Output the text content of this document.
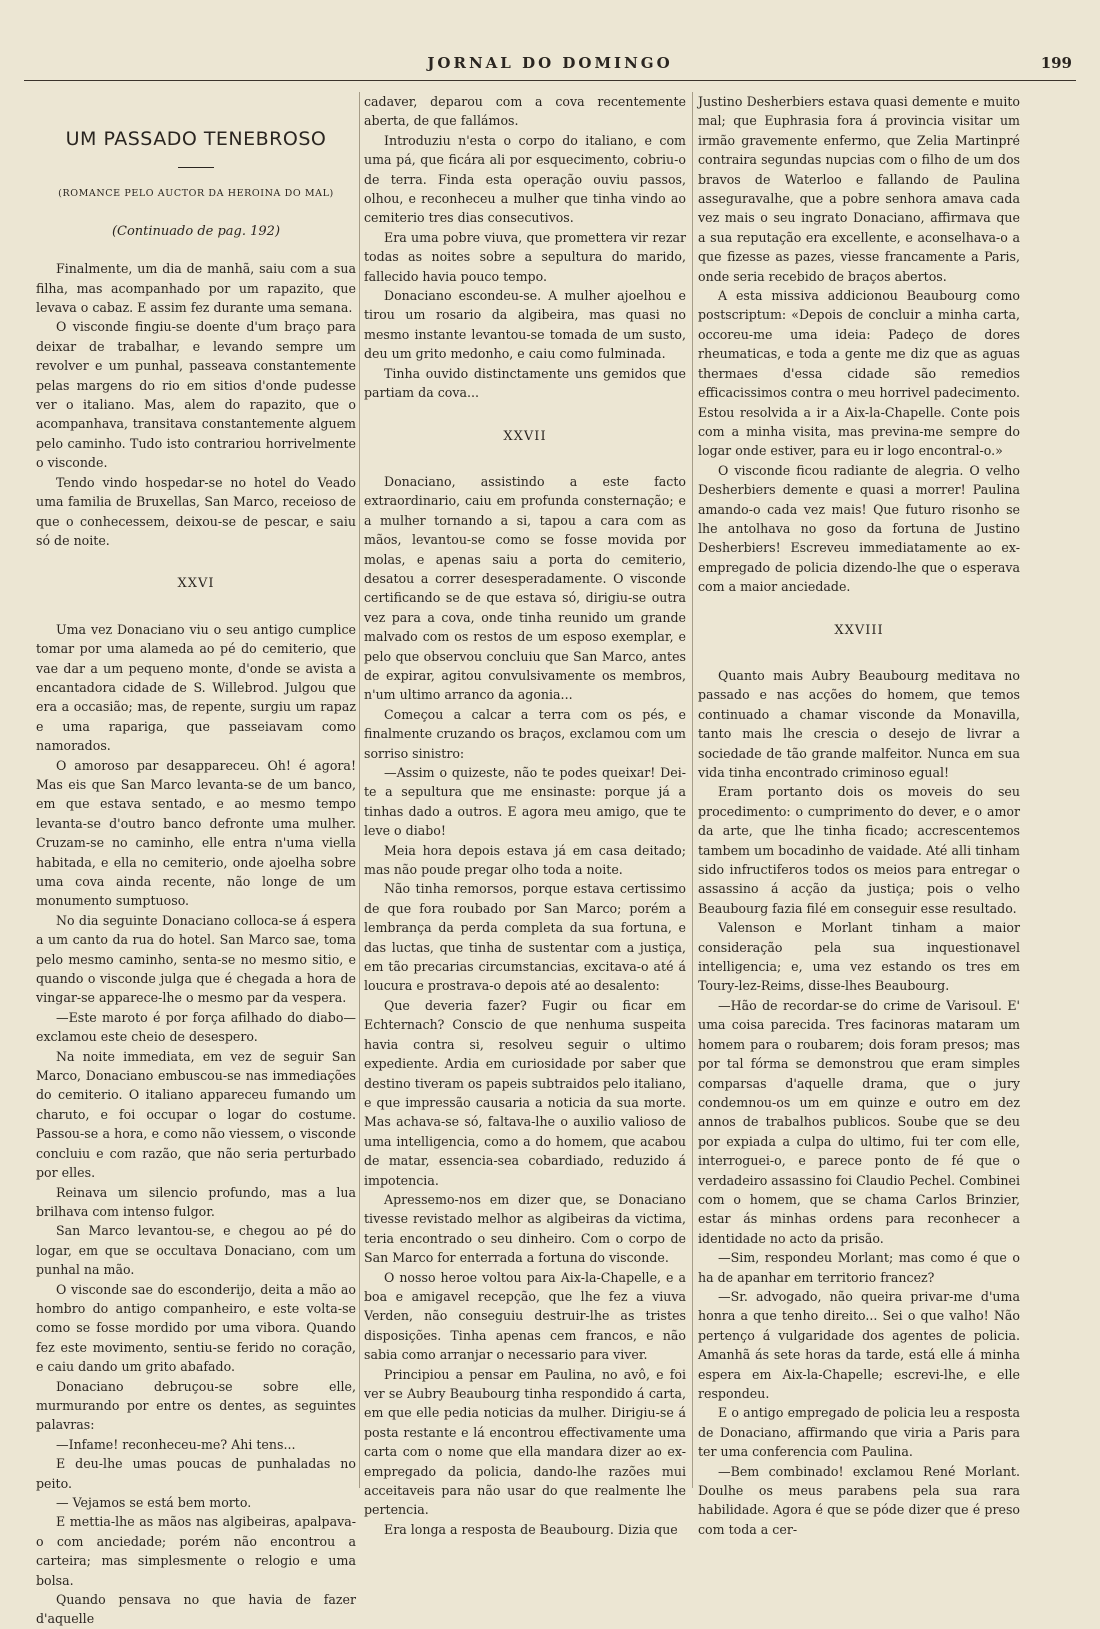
JORNAL DO DOMINGO	199
UM PASSADO TENEBROSO
(ROMANCE PELO AUCTOR DA HEROINA DO MAL)
(Continuado de pag. 192)

Finalmente, um dia de manhã, saiu com a sua filha, mas acompanhado por um rapazito, que levava o cabaz. E assim fez durante uma semana.

O visconde fingiu-se doente d'um braço para deixar de trabalhar, e levando sempre um revolver e um punhal, passeava constantemente pelas margens do rio em sitios d'onde pudesse ver o italiano. Mas, alem do rapazito, que o acompanhava, transitava constantemente alguem pelo caminho. Tudo isto contrariou horrivelmente o visconde.

Tendo vindo hospedar-se no hotel do Veado uma familia de Bruxellas, San Marco, receioso de que o conhecessem, deixou-se de pescar, e saiu só de noite.

XXVI

Uma vez Donaciano viu o seu antigo cumplice tomar por uma alameda ao pé do cemiterio, que vae dar a um pequeno monte, d'onde se avista a encantadora cidade de S. Willebrod. Julgou que era a occasião; mas, de repente, surgiu um rapaz e uma rapariga, que passeiavam como namorados.

O amoroso par desappareceu. Oh! é agora! Mas eis que San Marco levanta-se de um banco, em que estava sentado, e ao mesmo tempo levanta-se d'outro banco defronte uma mulher. Cruzam-se no caminho, elle entra n'uma viella habitada, e ella no cemiterio, onde ajoelha sobre uma cova ainda recente, não longe de um monumento sumptuoso.

No dia seguinte Donaciano colloca-se á espera a um canto da rua do hotel. San Marco sae, toma pelo mesmo caminho, senta-se no mesmo sitio, e quando o visconde julga que é chegada a hora de vingar-se apparece-lhe o mesmo par da vespera.

—Este maroto é por força afilhado do diabo—exclamou este cheio de desespero.

Na noite immediata, em vez de seguir San Marco, Donaciano embuscou-se nas immediações do cemiterio. O italiano appareceu fumando um charuto, e foi occupar o logar do costume. Passou-se a hora, e como não viessem, o visconde concluiu e com razão, que não seria perturbado por elles.

Reinava um silencio profundo, mas a lua brilhava com intenso fulgor.

San Marco levantou-se, e chegou ao pé do logar, em que se occultava Donaciano, com um punhal na mão.

O visconde sae do esconderijo, deita a mão ao hombro do antigo companheiro, e este volta-se como se fosse mordido por uma vibora. Quando fez este movimento, sentiu-se ferido no coração, e caiu dando um grito abafado.

Donaciano debruçou-se sobre elle, murmurando por entre os dentes, as seguintes palavras:

—Infame! reconheceu-me? Ahi tens...

E deu-lhe umas poucas de punhaladas no peito.

— Vejamos se está bem morto.

E mettia-lhe as mãos nas algibeiras, apalpava-o com anciedade; porém não encontrou a carteira; mas simplesmente o relogio e uma bolsa.

Quando pensava no que havia de fazer d'aquelle

cadaver, deparou com a cova recentemente aberta, de que fallámos.

Introduziu n'esta o corpo do italiano, e com uma pá, que ficára ali por esquecimento, cobriu-o de terra. Finda esta operação ouviu passos, olhou, e reconheceu a mulher que tinha vindo ao cemiterio tres dias consecutivos.

Era uma pobre viuva, que promettera vir rezar todas as noites sobre a sepultura do marido, fallecido havia pouco tempo.

Donaciano escondeu-se. A mulher ajoelhou e tirou um rosario da algibeira, mas quasi no mesmo instante levantou-se tomada de um susto, deu um grito medonho, e caiu como fulminada.

Tinha ouvido distinctamente uns gemidos que partiam da cova...

XXVII

Donaciano, assistindo a este facto extraordinario, caiu em profunda consternação; e a mulher tornando a si, tapou a cara com as mãos, levantou-se como se fosse movida por molas, e apenas saiu a porta do cemiterio, desatou a correr desesperadamente. O visconde certificando se de que estava só, dirigiu-se outra vez para a cova, onde tinha reunido um grande malvado com os restos de um esposo exemplar, e pelo que observou concluiu que San Marco, antes de expirar, agitou convulsivamente os membros, n'um ultimo arranco da agonia...

Começou a calcar a terra com os pés, e finalmente cruzando os braços, exclamou com um sorriso sinistro:

—Assim o quizeste, não te podes queixar! Dei-te a sepultura que me ensinaste: porque já a tinhas dado a outros. E agora meu amigo, que te leve o diabo!

Meia hora depois estava já em casa deitado; mas não poude pregar olho toda a noite.

Não tinha remorsos, porque estava certissimo de que fora roubado por San Marco; porém a lembrança da perda completa da sua fortuna, e das luctas, que tinha de sustentar com a justiça, em tão precarias circumstancias, excitava-o até á loucura e prostrava-o depois até ao desalento:

Que deveria fazer? Fugir ou ficar em Echternach? Conscio de que nenhuma suspeita havia contra si, resolveu seguir o ultimo expediente. Ardia em curiosidade por saber que destino tiveram os papeis subtraidos pelo italiano, e que impressão causaria a noticia da sua morte. Mas achava-se só, faltava-lhe o auxilio valioso de uma intelligencia, como a do homem, que acabou de matar, essencia-sea cobardiado, reduzido á impotencia.

Apressemo-nos em dizer que, se Donaciano tivesse revistado melhor as algibeiras da victima, teria encontrado o seu dinheiro. Com o corpo de San Marco for enterrada a fortuna do visconde.

O nosso heroe voltou para Aix-la-Chapelle, e a boa e amigavel recepção, que lhe fez a viuva Verden, não conseguiu destruir-lhe as tristes disposições. Tinha apenas cem francos, e não sabia como arranjar o necessario para viver.

Principiou a pensar em Paulina, no avô, e foi ver se Aubry Beaubourg tinha respondido á carta, em que elle pedia noticias da mulher. Dirigiu-se á posta restante e lá encontrou effectivamente uma carta com o nome que ella mandara dizer ao ex-empregado da policia, dando-lhe razões mui acceitaveis para não usar do que realmente lhe pertencia.

Era longa a resposta de Beaubourg. Dizia que

Justino Desherbiers estava quasi demente e muito mal; que Euphrasia fora á provincia visitar um irmão gravemente enfermo, que Zelia Martinpré contraira segundas nupcias com o filho de um dos bravos de Waterloo e fallando de Paulina asseguravalhe, que a pobre senhora amava cada vez mais o seu ingrato Donaciano, affirmava que a sua reputação era excellente, e aconselhava-o a que fizesse as pazes, viesse francamente a Paris, onde seria recebido de braços abertos.

A esta missiva addicionou Beaubourg como postscriptum: «Depois de concluir a minha carta, occoreu-me uma ideia: Padeço de dores rheumaticas, e toda a gente me diz que as aguas thermaes d'essa cidade são remedios efficacissimos contra o meu horrivel padecimento. Estou resolvida a ir a Aix-la-Chapelle. Conte pois com a minha visita, mas previna-me sempre do logar onde estiver, para eu ir logo encontral-o.»

O visconde ficou radiante de alegria. O velho Desherbiers demente e quasi a morrer! Paulina amando-o cada vez mais! Que futuro risonho se lhe antolhava no goso da fortuna de Justino Desherbiers! Escreveu immediatamente ao ex-empregado de policia dizendo-lhe que o esperava com a maior anciedade.

XXVIII

Quanto mais Aubry Beaubourg meditava no passado e nas acções do homem, que temos continuado a chamar visconde da Monavilla, tanto mais lhe crescia o desejo de livrar a sociedade de tão grande malfeitor. Nunca em sua vida tinha encontrado criminoso egual!

Eram portanto dois os moveis do seu procedimento: o cumprimento do dever, e o amor da arte, que lhe tinha ficado; accrescentemos tambem um bocadinho de vaidade. Até alli tinham sido infructiferos todos os meios para entregar o assassino á acção da justiça; pois o velho Beaubourg fazia filé em conseguir esse resultado.

Valenson e Morlant tinham a maior consideração pela sua inquestionavel intelligencia; e, uma vez estando os tres em Toury-lez-Reims, disse-lhes Beaubourg.

—Hão de recordar-se do crime de Varisoul. E' uma coisa parecida. Tres facinoras mataram um homem para o roubarem; dois foram presos; mas por tal fórma se demonstrou que eram simples comparsas d'aquelle drama, que o jury condemnou-os um em quinze e outro em dez annos de trabalhos publicos. Soube que se deu por expiada a culpa do ultimo, fui ter com elle, interroguei-o, e parece ponto de fé que o verdadeiro assassino foi Claudio Pechel. Combinei com o homem, que se chama Carlos Brinzier, estar ás minhas ordens para reconhecer a identidade no acto da prisão.

—Sim, respondeu Morlant; mas como é que o ha de apanhar em territorio francez?

—Sr. advogado, não queira privar-me d'uma honra a que tenho direito... Sei o que valho! Não pertenço á vulgaridade dos agentes de policia. Amanhã ás sete horas da tarde, está elle á minha espera em Aix-la-Chapelle; escrevi-lhe, e elle respondeu.

E o antigo empregado de policia leu a resposta de Donaciano, affirmando que viria a Paris para ter uma conferencia com Paulina.

—Bem combinado! exclamou René Morlant. Doulhe os meus parabens pela sua rara habilidade. Agora é que se póde dizer que é preso com toda a cer-
